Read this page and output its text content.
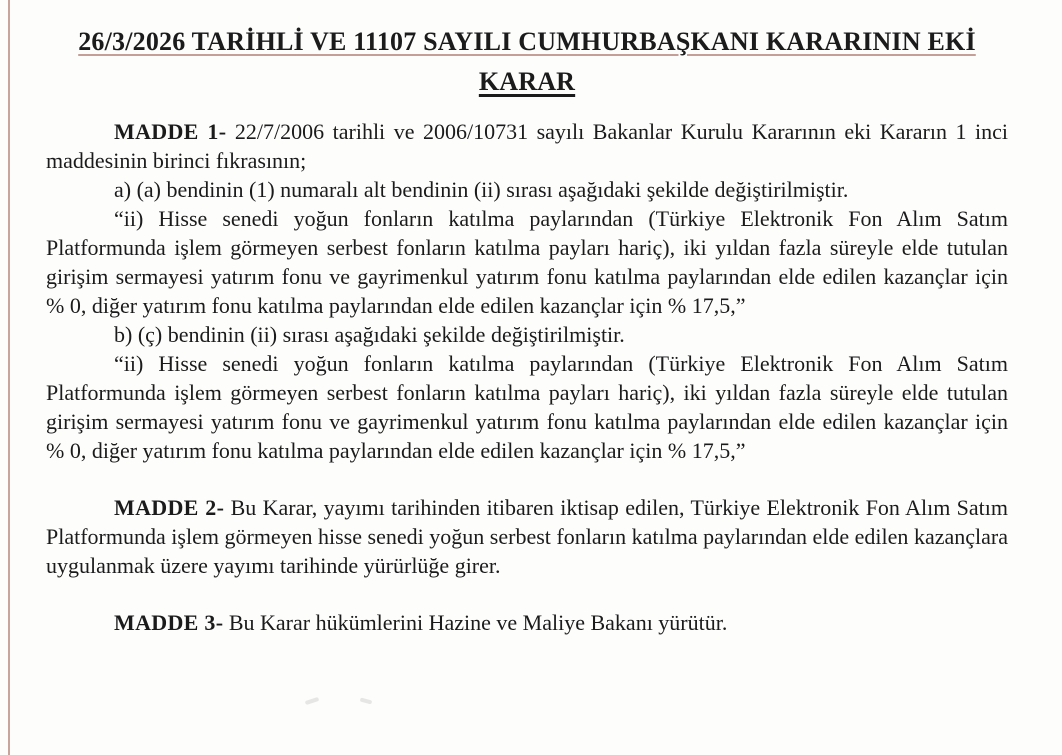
26/3/2026 TARİHLİ VE 11107 SAYILI CUMHURBAŞKANI KARARININ EKİ
KARAR

MADDE 1- 22/7/2006 tarihli ve 2006/10731 sayılı Bakanlar Kurulu Kararının eki Kararın 1 inci maddesinin birinci fıkrasının;

a) (a) bendinin (1) numaralı alt bendinin (ii) sırası aşağıdaki şekilde değiştirilmiştir.

“ii) Hisse senedi yoğun fonların katılma paylarından (Türkiye Elektronik Fon Alım Satım Platformunda işlem görmeyen serbest fonların katılma payları hariç), iki yıldan fazla süreyle elde tutulan girişim sermayesi yatırım fonu ve gayrimenkul yatırım fonu katılma paylarından elde edilen kazançlar için % 0, diğer yatırım fonu katılma paylarından elde edilen kazançlar için % 17,5,”

b) (ç) bendinin (ii) sırası aşağıdaki şekilde değiştirilmiştir.

“ii) Hisse senedi yoğun fonların katılma paylarından (Türkiye Elektronik Fon Alım Satım Platformunda işlem görmeyen serbest fonların katılma payları hariç), iki yıldan fazla süreyle elde tutulan girişim sermayesi yatırım fonu ve gayrimenkul yatırım fonu katılma paylarından elde edilen kazançlar için % 0, diğer yatırım fonu katılma paylarından elde edilen kazançlar için % 17,5,”

MADDE 2- Bu Karar, yayımı tarihinden itibaren iktisap edilen, Türkiye Elektronik Fon Alım Satım Platformunda işlem görmeyen hisse senedi yoğun serbest fonların katılma paylarından elde edilen kazançlara uygulanmak üzere yayımı tarihinde yürürlüğe girer.

MADDE 3- Bu Karar hükümlerini Hazine ve Maliye Bakanı yürütür.
